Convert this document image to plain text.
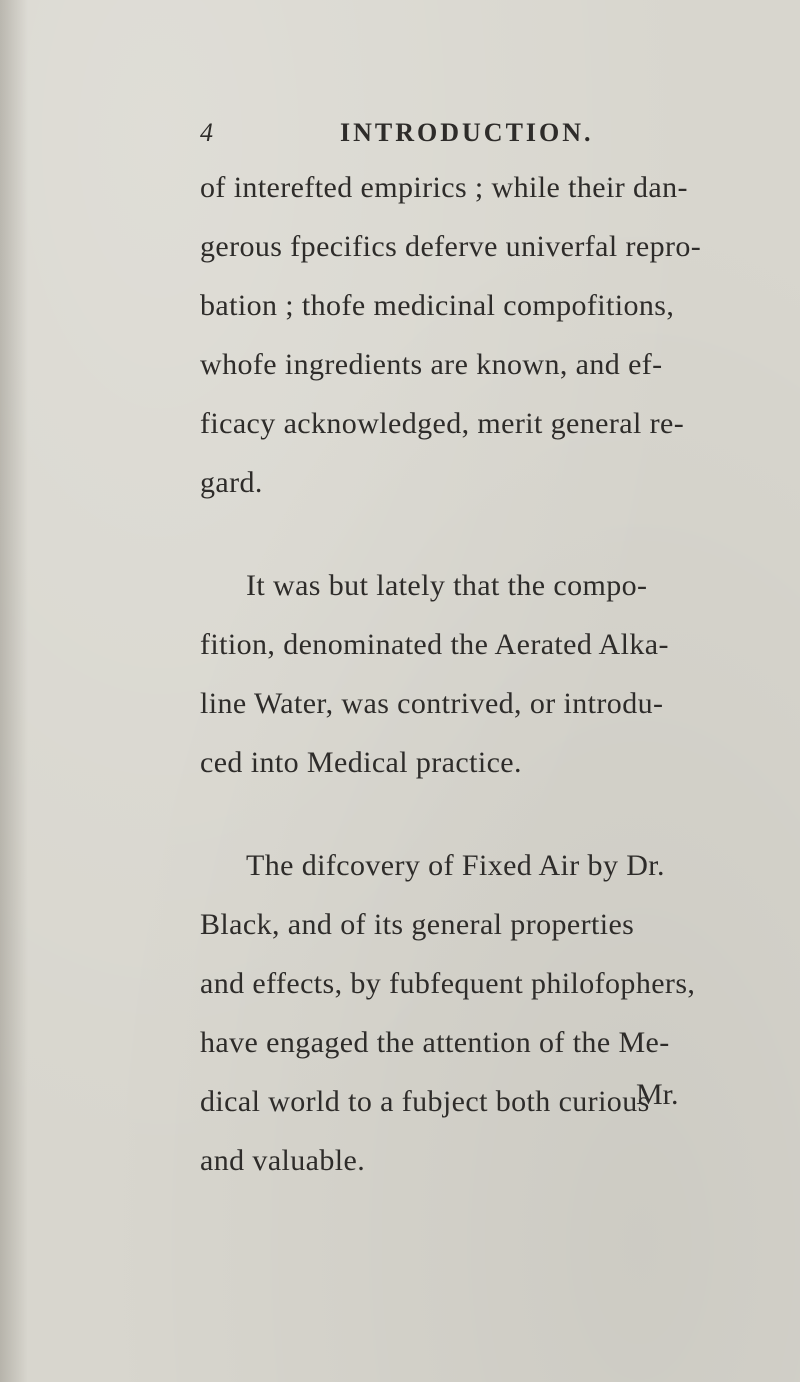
4	INTRODUCTION.
of interefted empirics ; while their dan-
gerous fpecifics deferve univerfal repro-
bation ; thofe medicinal compofitions,
whofe ingredients are known, and ef-
ficacy acknowledged, merit general re-
gard.
It was but lately that the compo-
fition, denominated the Aerated Alka-
line Water, was contrived, or introdu-
ced into Medical practice.
The difcovery of Fixed Air by Dr.
Black, and of its general properties
and effects, by fubfequent philofophers,
have engaged the attention of the Me-
dical world to a fubject both curious
and valuable.
Mr.
